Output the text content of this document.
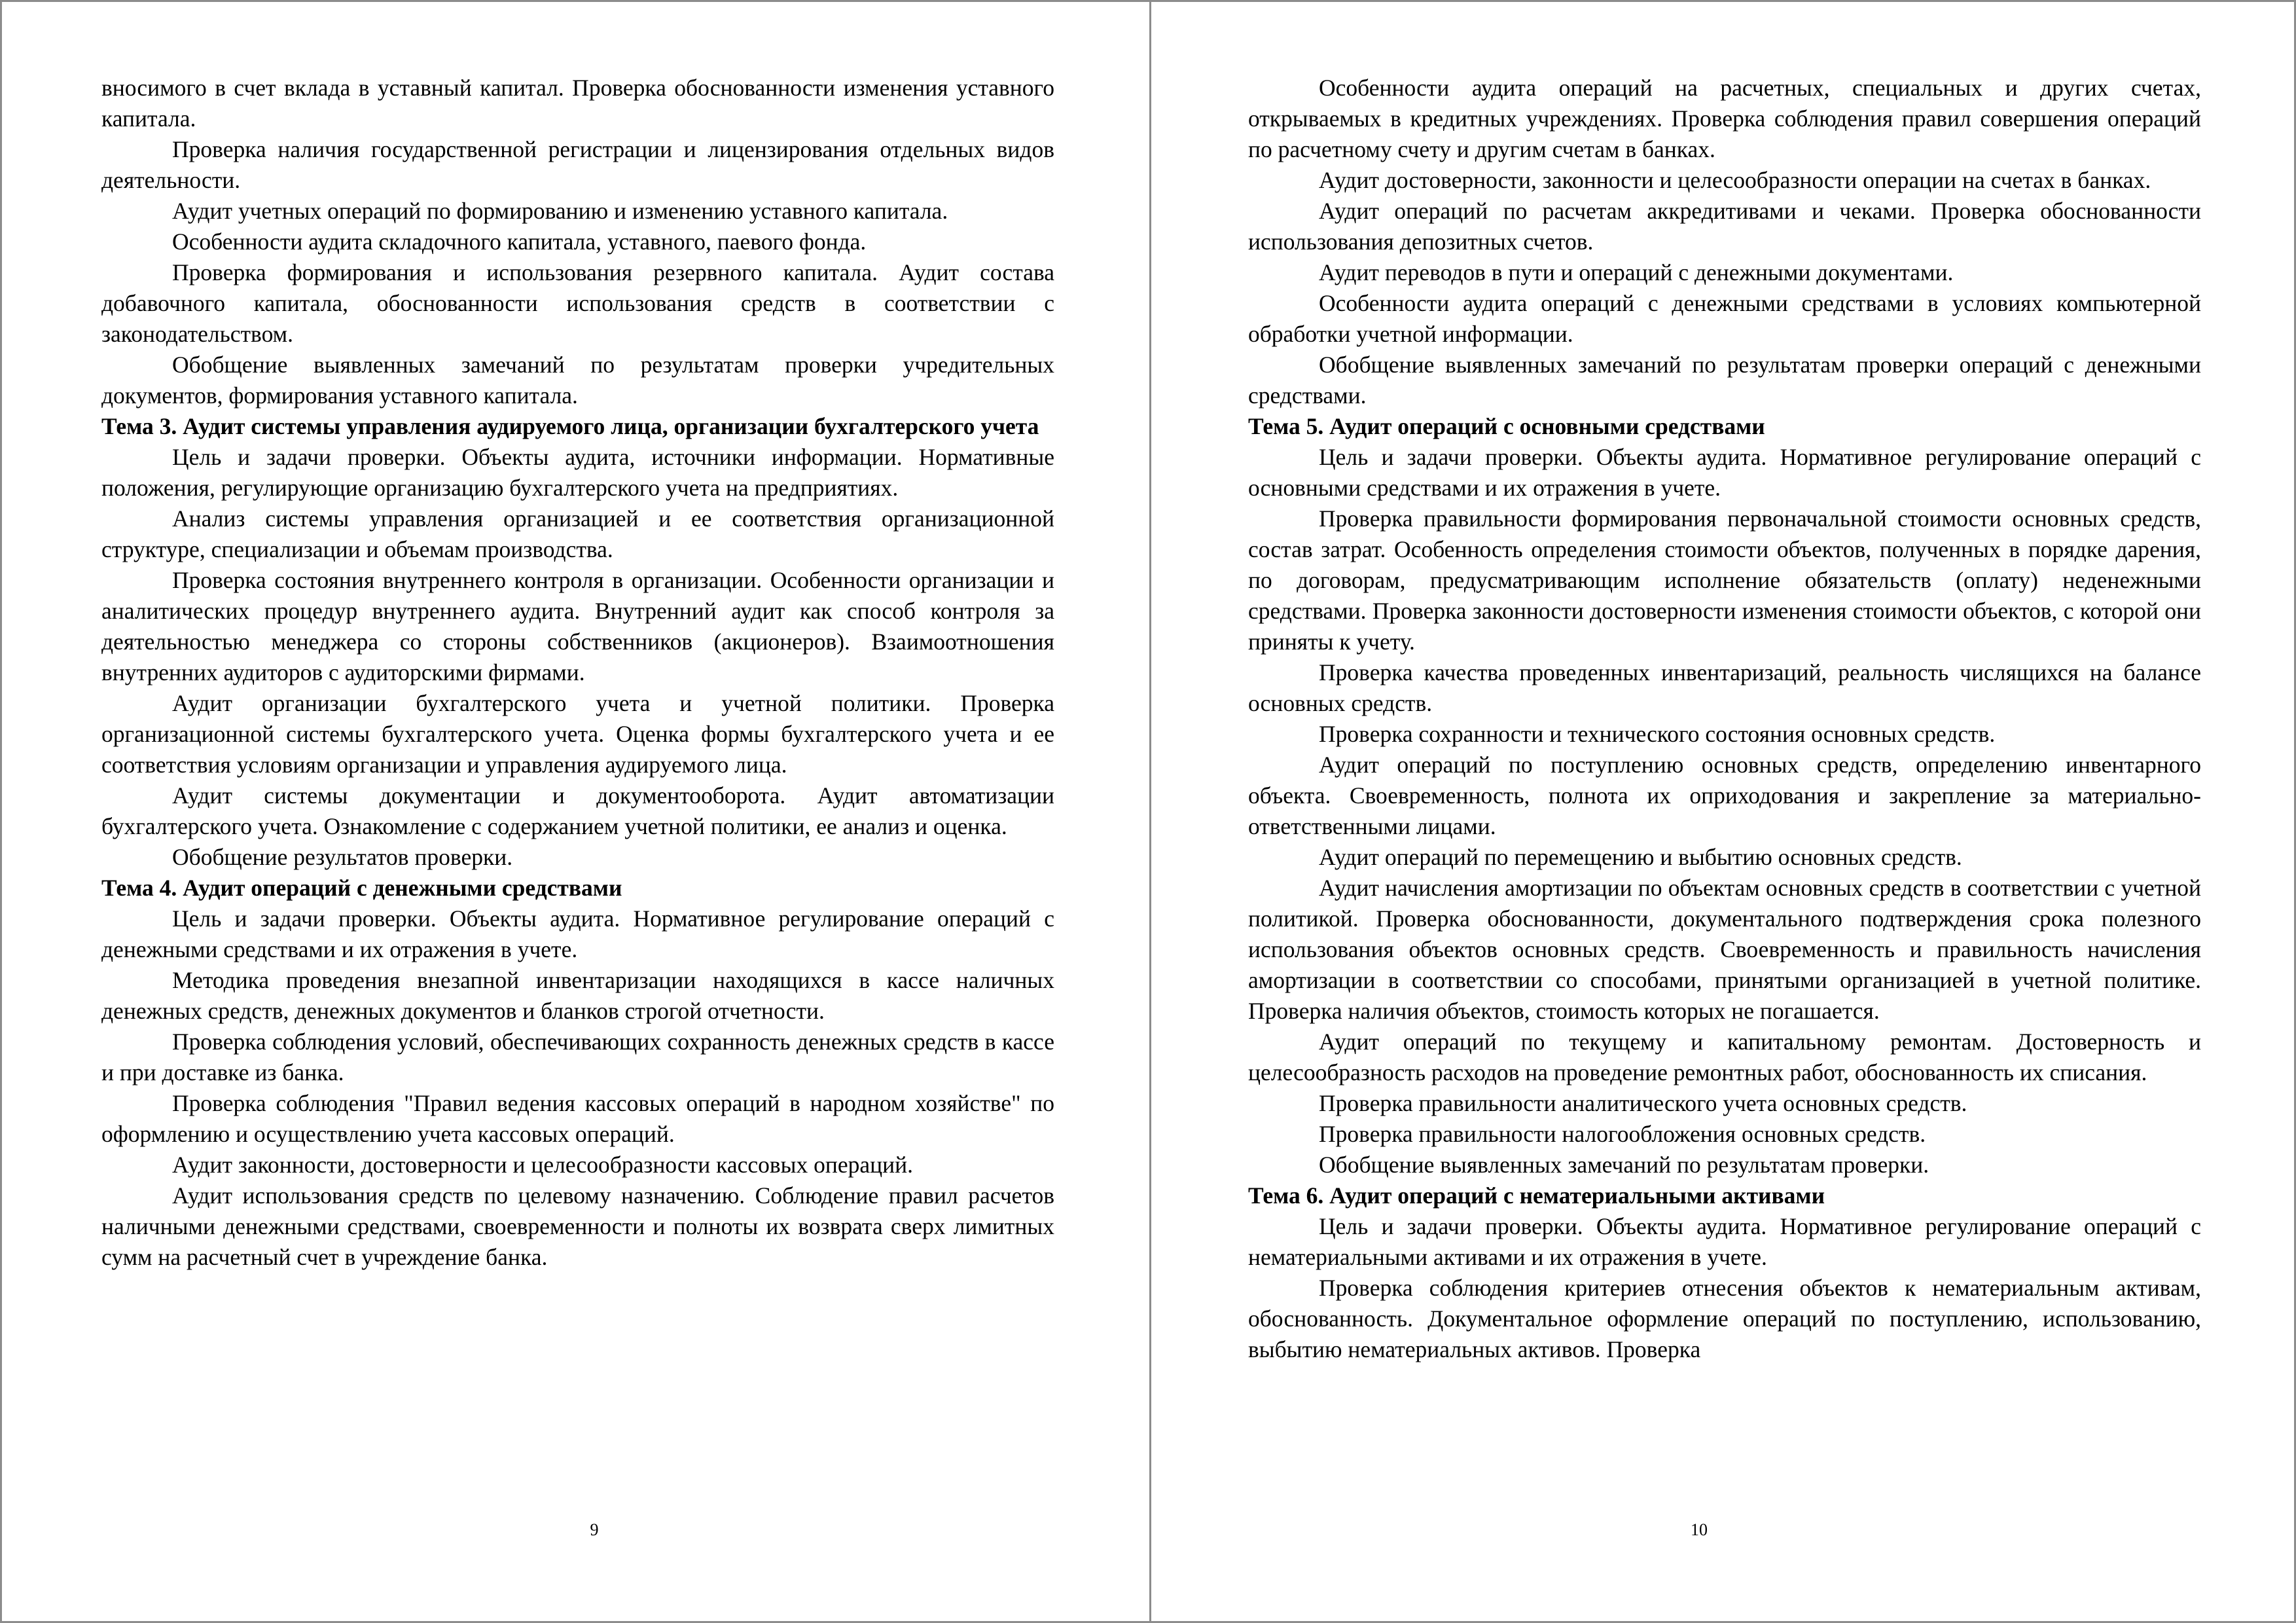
вносимого в счет вклада в уставный капитал. Проверка обоснованности изменения уставного капитала.

Проверка наличия государственной регистрации и лицензирования отдельных видов деятельности.

Аудит учетных операций по формированию и изменению уставного капитала.

Особенности аудита складочного капитала, уставного, паевого фонда.

Проверка формирования и использования резервного капитала. Аудит состава добавочного капитала, обоснованности использования средств в соответствии с законодательством.

Обобщение выявленных замечаний по результатам проверки учредительных документов, формирования уставного капитала.

Тема 3. Аудит системы управления аудируемого лица, организации бухгалтерского учета

Цель и задачи проверки. Объекты аудита, источники информации. Нормативные положения, регулирующие организацию бухгалтерского учета на предприятиях.

Анализ системы управления организацией и ее соответствия организационной структуре, специализации и объемам производства.

Проверка состояния внутреннего контроля в организации. Особенности организации и аналитических процедур внутреннего аудита. Внутренний аудит как способ контроля за деятельностью менеджера со стороны собственников (акционеров). Взаимоотношения внутренних аудиторов с аудиторскими фирмами.

Аудит организации бухгалтерского учета и учетной политики. Проверка организационной системы бухгалтерского учета. Оценка формы бухгалтерского учета и ее соответствия условиям организации и управления аудируемого лица.

Аудит системы документации и документооборота. Аудит автоматизации бухгалтерского учета. Ознакомление с содержанием учетной политики, ее анализ и оценка.

Обобщение результатов проверки.

Тема 4. Аудит операций с денежными средствами

Цель и задачи проверки. Объекты аудита. Нормативное регулирование операций с денежными средствами и их отражения в учете.

Методика проведения внезапной инвентаризации находящихся в кассе наличных денежных средств, денежных документов и бланков строгой отчетности.

Проверка соблюдения условий, обеспечивающих сохранность денежных средств в кассе и при доставке из банка.

Проверка соблюдения "Правил ведения кассовых операций в народном хозяйстве" по оформлению и осуществлению учета кассовых операций.

Аудит законности, достоверности и целесообразности кассовых операций.

Аудит использования средств по целевому назначению. Соблюдение правил расчетов наличными денежными средствами, своевременности и полноты их возврата сверх лимитных сумм на расчетный счет в учреждение банка.

9

Особенности аудита операций на расчетных, специальных и других счетах, открываемых в кредитных учреждениях. Проверка соблюдения правил совершения операций по расчетному счету и другим счетам в банках.

Аудит достоверности, законности и целесообразности операции на счетах в банках.

Аудит операций по расчетам аккредитивами и чеками. Проверка обоснованности использования депозитных счетов.

Аудит переводов в пути и операций с денежными документами.

Особенности аудита операций с денежными средствами в условиях компьютерной обработки учетной информации.

Обобщение выявленных замечаний по результатам проверки операций с денежными средствами.

Тема 5. Аудит операций с основными средствами

Цель и задачи проверки. Объекты аудита. Нормативное регулирование операций с основными средствами и их отражения в учете.

Проверка правильности формирования первоначальной стоимости основных средств, состав затрат. Особенность определения стоимости объектов, полученных в порядке дарения, по договорам, предусматривающим исполнение обязательств (оплату) неденежными средствами. Проверка законности достоверности изменения стоимости объектов, с которой они приняты к учету.

Проверка качества проведенных инвентаризаций, реальность числящихся на балансе основных средств.

Проверка сохранности и технического состояния основных средств.

Аудит операций по поступлению основных средств, определению инвентарного объекта. Своевременность, полнота их оприходования и закрепление за материально-ответственными лицами.

Аудит операций по перемещению и выбытию основных средств.

Аудит начисления амортизации по объектам основных средств в соответствии с учетной политикой. Проверка обоснованности, документального подтверждения срока полезного использования объектов основных средств. Своевременность и правильность начисления амортизации в соответствии со способами, принятыми организацией в учетной политике. Проверка наличия объектов, стоимость которых не погашается.

Аудит операций по текущему и капитальному ремонтам. Достоверность и целесообразность расходов на проведение ремонтных работ, обоснованность их списания.

Проверка правильности аналитического учета основных средств.

Проверка правильности налогообложения основных средств.

Обобщение выявленных замечаний по результатам проверки.

Тема 6. Аудит операций с нематериальными активами

Цель и задачи проверки. Объекты аудита. Нормативное регулирование операций с нематериальными активами и их отражения в учете.

Проверка соблюдения критериев отнесения объектов к нематериальным активам, обоснованность. Документальное оформление операций по поступлению, использованию, выбытию нематериальных активов. Проверка

10
